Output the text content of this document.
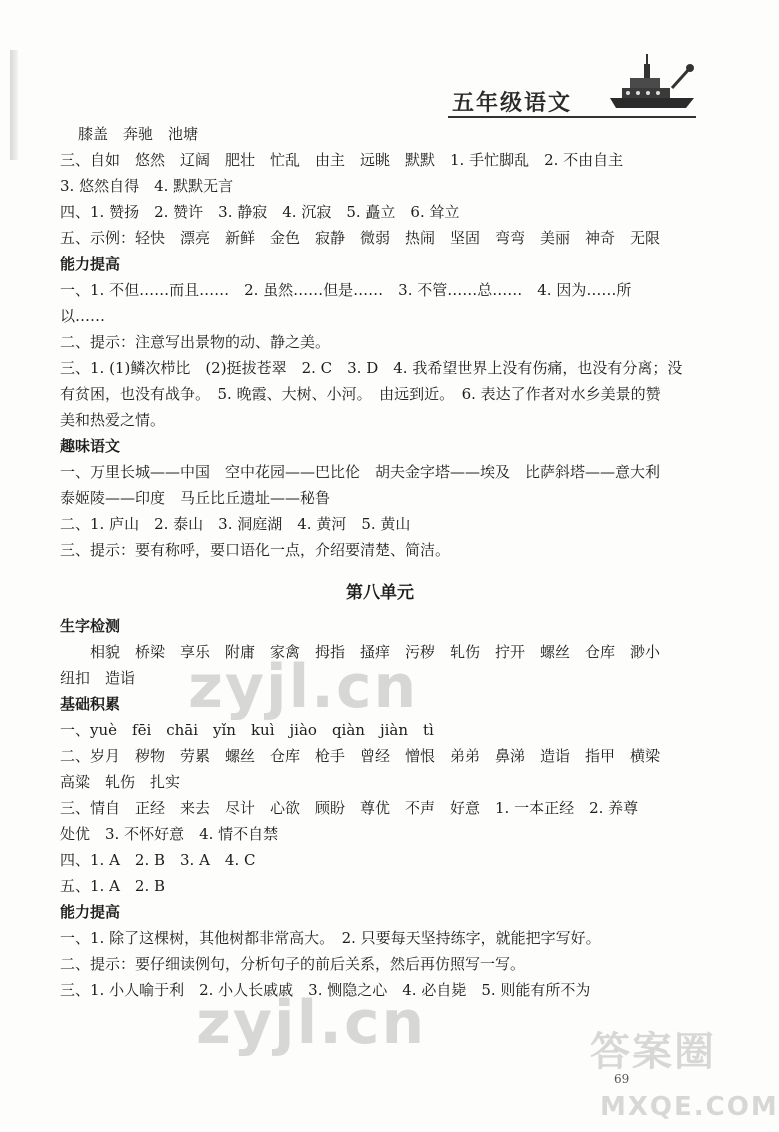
五年级语文
膝盖　奔驰　池塘
三、自如　悠然　辽阔　肥壮　忙乱　由主　远眺　默默　1. 手忙脚乱　2. 不由自主
3. 悠然自得　4. 默默无言
四、1. 赞扬　2. 赞许　3. 静寂　4. 沉寂　5. 矗立　6. 耸立
五、示例：轻快　漂亮　新鲜　金色　寂静　微弱　热闹　坚固　弯弯　美丽　神奇　无限
能力提高
一、1. 不但……而且……　2. 虽然……但是……　3. 不管……总……　4. 因为……所
以……
二、提示：注意写出景物的动、静之美。
三、1. (1)鳞次栉比　(2)挺拔苍翠　2. C　3. D　4. 我希望世界上没有伤痛，也没有分离；没
有贫困，也没有战争。　5. 晚霞、大树、小河。　由远到近。　6. 表达了作者对水乡美景的赞
美和热爱之情。
趣味语文
一、万里长城——中国　空中花园——巴比伦　胡夫金字塔——埃及　比萨斜塔——意大利
泰姬陵——印度　马丘比丘遗址——秘鲁
二、1. 庐山　2. 泰山　3. 洞庭湖　4. 黄河　5. 黄山
三、提示：要有称呼，要口语化一点，介绍要清楚、简洁。
第八单元
生字检测
　　相貌　桥梁　享乐　附庸　家禽　拇指　搔痒　污秽　轧伤　拧开　螺丝　仓库　渺小
纽扣　造诣
基础积累
一、yuè　fēi　chāi　yǐn　kuì　jiào　qiàn　jiàn　tì
二、岁月　秽物　劳累　螺丝　仓库　枪手　曾经　憎恨　弟弟　鼻涕　造诣　指甲　横梁
高粱　轧伤　扎实
三、情自　正经　来去　尽计　心欲　顾盼　尊优　不声　好意　1. 一本正经　2. 养尊
处优　3. 不怀好意　4. 情不自禁
四、1. A　2. B　3. A　4. C
五、1. A　2. B
能力提高
一、1. 除了这棵树，其他树都非常高大。　2. 只要每天坚持练字，就能把字写好。
二、提示：要仔细读例句，分析句子的前后关系，然后再仿照写一写。
三、1. 小人喻于利　2. 小人长戚戚　3. 恻隐之心　4. 必自毙　5. 则能有所不为
zyjl.cn
zyjl.cn	答案圈
MXQE.COM
69
